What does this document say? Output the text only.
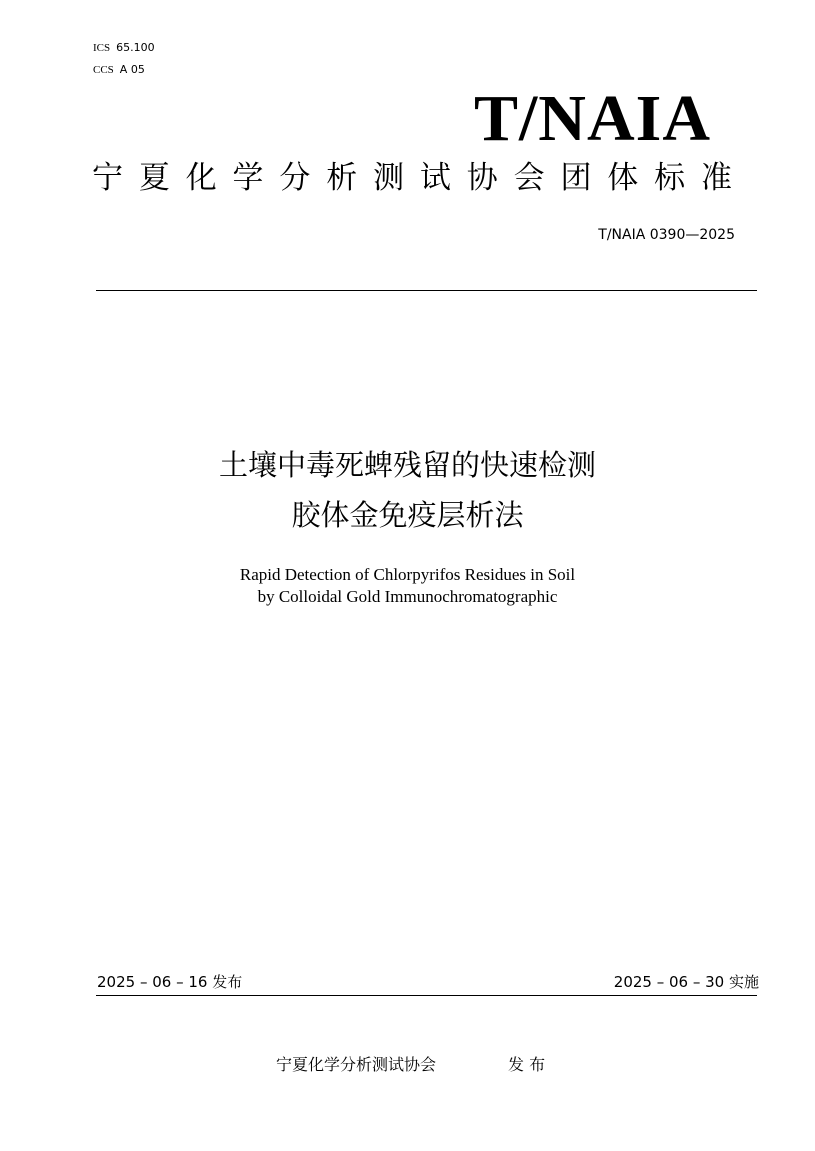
ICS 65.100
CCS A 05
T/NAIA
宁 夏 化 学 分 析 测 试 协 会 团 体 标 准
T/NAIA 0390—2025
土壤中毒死蜱残留的快速检测
胶体金免疫层析法
Rapid Detection of Chlorpyrifos Residues in Soil
by Colloidal Gold Immunochromatographic
2025 – 06 – 16 发布	2025 – 06 – 30 实施
宁夏化学分析测试协会	发 布
